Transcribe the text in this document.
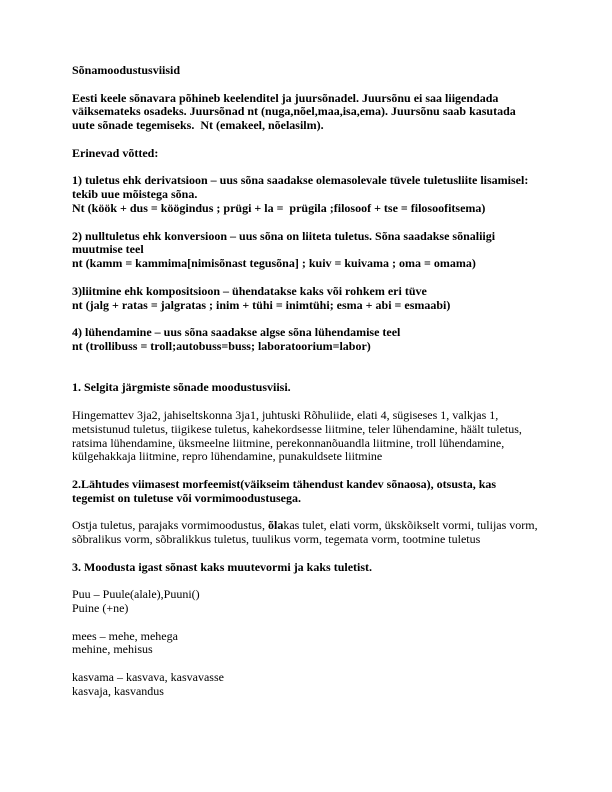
Sõnamoodustusviisid
Eesti keele sõnavara põhineb keelenditel ja juursõnadel. Juursõnu ei saa liigendada
väiksemateks osadeks. Juursõnad nt (nuga,nõel,maa,isa,ema). Juursõnu saab kasutada
uute sõnade tegemiseks.  Nt (emakeel, nõelasilm).
Erinevad võtted:
1) tuletus ehk derivatsioon – uus sõna saadakse olemasolevale tüvele tuletusliite lisamisel:
tekib uue mõistega sõna.
Nt (köök + dus = köögindus ; prügi + la =  prügila ;filosoof + tse = filosoofitsema)
2) nulltuletus ehk konversioon – uus sõna on liiteta tuletus. Sõna saadakse sõnaliigi
muutmise teel
nt (kamm = kammima[nimisõnast tegusõna] ; kuiv = kuivama ; oma = omama)
3)liitmine ehk kompositsioon – ühendatakse kaks või rohkem eri tüve
nt (jalg + ratas = jalgratas ; inim + tühi = inimtühi; esma + abi = esmaabi)
4) lühendamine – uus sõna saadakse algse sõna lühendamise teel
nt (trollibuss = troll;autobuss=buss; laboratoorium=labor)
1. Selgita järgmiste sõnade moodustusviisi.
Hingemattev 3ja2, jahiseltskonna 3ja1, juhtuski Rõhuliide, elati 4, sügiseses 1, valkjas 1,
metsistunud tuletus, tiigikese tuletus, kahekordsesse liitmine, teler lühendamine, häält tuletus,
ratsima lühendamine, üksmeelne liitmine, perekonnanõuandla liitmine, troll lühendamine,
külgehakkaja liitmine, repro lühendamine, punakuldsete liitmine
2.Lähtudes viimasest morfeemist(väikseim tähendust kandev sõnaosa), otsusta, kas
tegemist on tuletuse või vormimoodustusega.
Ostja tuletus, parajaks vormimoodustus, õlakas tulet, elati vorm, ükskõikselt vormi, tulijas vorm,
sõbralikus vorm, sõbralikkus tuletus, tuulikus vorm, tegemata vorm, tootmine tuletus
3. Moodusta igast sõnast kaks muutevormi ja kaks tuletist.
Puu – Puule(alale),Puuni()
Puine (+ne)
mees – mehe, mehega
mehine, mehisus
kasvama – kasvava, kasvavasse
kasvaja, kasvandus
